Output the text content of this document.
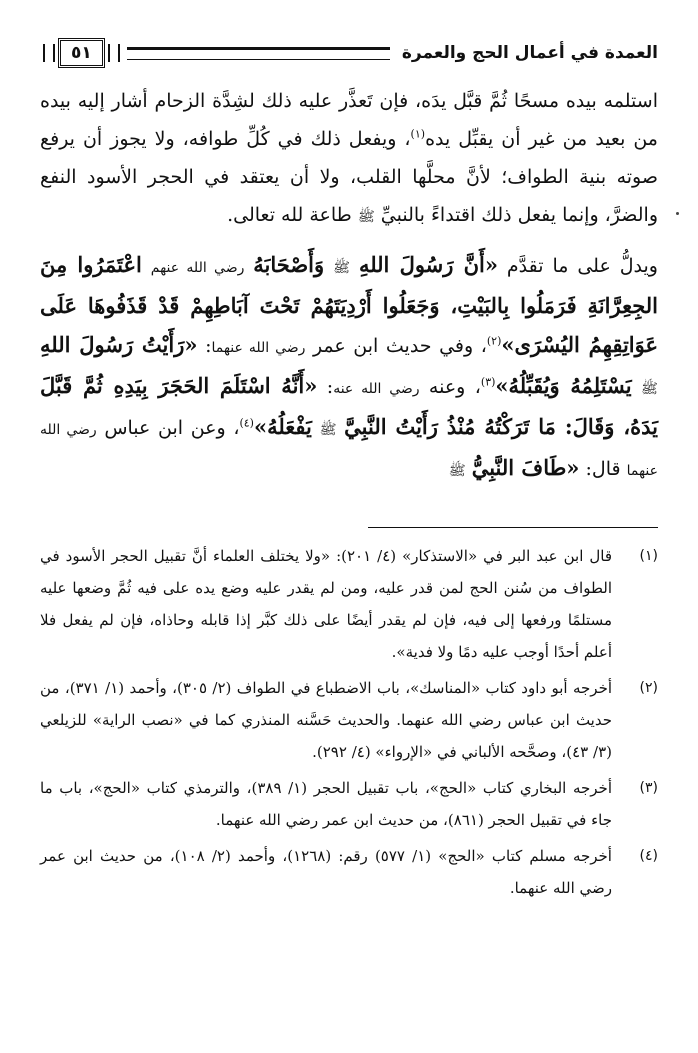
العمدة في أعمال الحج والعمرة
٥١

استلمه بيده مسحًا ثُمَّ قبَّل يدَه، فإن تَعذَّر عليه ذلك لشِدَّة الزحام أشار إليه بيده من بعيد من غير أن يقبِّل يده$^{(١)}$، ويفعل ذلك في كُلِّ طوافه، ولا يجوز أن يرفع صوته بنية الطواف؛ لأنَّ محلَّها القلب، ولا أن يعتقد في الحجر الأسود النفع والضرَّ، وإنما يفعل ذلك اقتداءً بالنبيِّ ﷺ طاعة لله تعالى.

ويدلُّ على ما تقدَّم «أَنَّ رَسُولَ اللهِ ﷺ وَأَصْحَابَهُ رضي الله عنهم اعْتَمَرُوا مِنَ الجِعِرَّانَةِ فَرَمَلُوا بِالبَيْتِ، وَجَعَلُوا أَرْدِيَتَهُمْ تَحْتَ آبَاطِهِمْ قَدْ قَذَفُوهَا عَلَى عَوَاتِقِهِمُ اليُسْرَى»$^{(٢)}$، وفي حديث ابن عمر رضي الله عنهما: «رَأَيْتُ رَسُولَ اللهِ ﷺ يَسْتَلِمُهُ وَيُقَبِّلُهُ»$^{(٣)}$، وعنه رضي الله عنه: «أَنَّهُ اسْتَلَمَ الحَجَرَ بِيَدِهِ ثُمَّ قَبَّلَ يَدَهُ، وَقَالَ: مَا تَرَكْتُهُ مُنْذُ رَأَيْتُ النَّبِيَّ ﷺ يَفْعَلُهُ»$^{(٤)}$، وعن ابن عباس رضي الله عنهما قال: «طَافَ النَّبِيُّ ﷺ

(١)
قال ابن عبد البر في «الاستذكار» (٤/ ٢٠١): «ولا يختلف العلماء أنَّ تقبيل الحجر الأسود في الطواف من سُنن الحج لمن قدر عليه، ومن لم يقدر عليه وضع يده على فيه ثُمَّ وضعها عليه مستلمًا ورفعها إلى فيه، فإن لم يقدر أيضًا على ذلك كبَّر إذا قابله وحاذاه، فإن لم يفعل فلا أعلم أحدًا أوجب عليه دمًا ولا فدية».
(٢)
أخرجه أبو داود كتاب «المناسك»، باب الاضطباع في الطواف (٢/ ٣٠٥)، وأحمد (١/ ٣٧١)، من حديث ابن عباس رضي الله عنهما. والحديث حَسَّنه المنذري كما في «نصب الراية» للزيلعي (٣/ ٤٣)، وصحَّحه الألباني في «الإرواء» (٤/ ٢٩٢).
(٣)
أخرجه البخاري كتاب «الحج»، باب تقبيل الحجر (١/ ٣٨٩)، والترمذي كتاب «الحج»، باب ما جاء في تقبيل الحجر (٨٦١)، من حديث ابن عمر رضي الله عنهما.
(٤)
أخرجه مسلم كتاب «الحج» (١/ ٥٧٧) رقم: (١٢٦٨)، وأحمد (٢/ ١٠٨)، من حديث ابن عمر رضي الله عنهما.
